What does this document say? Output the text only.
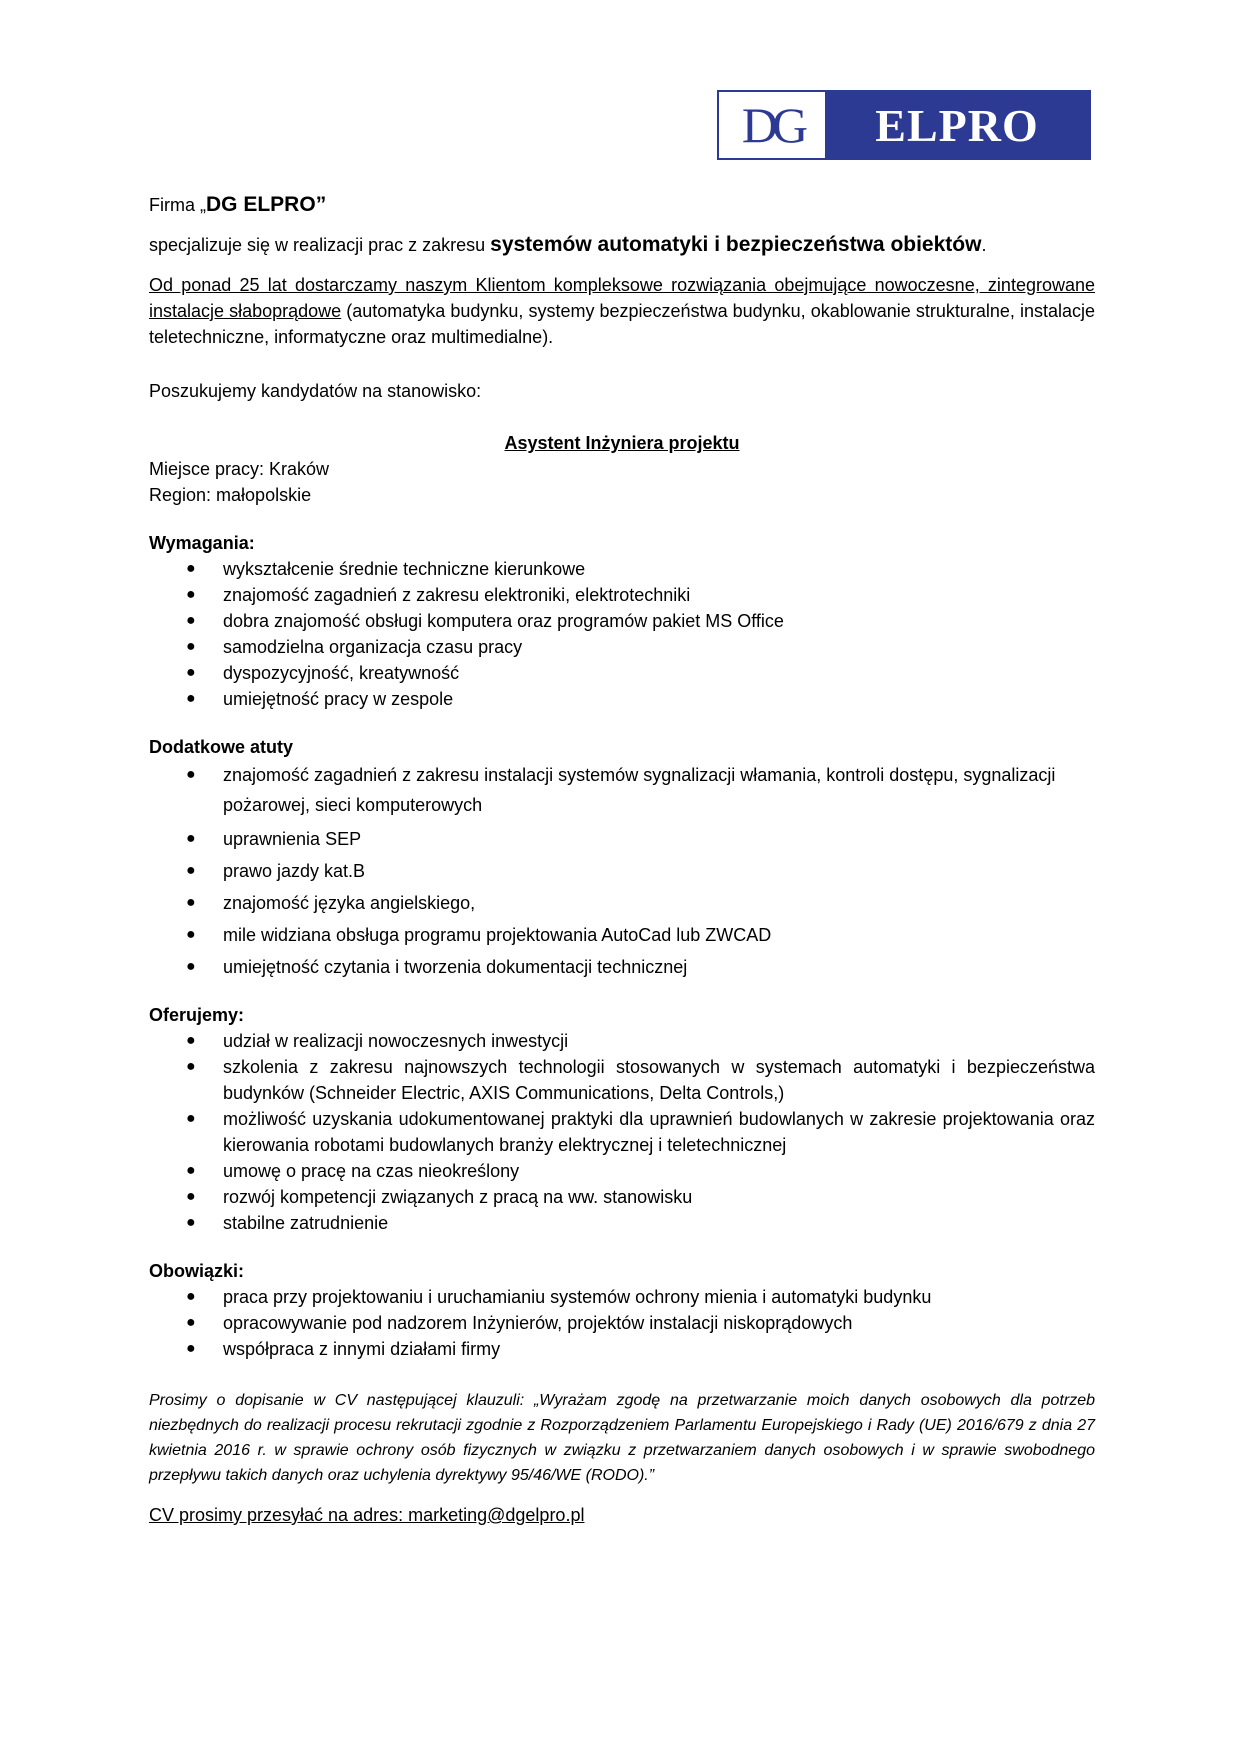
DG	ELPRO

Firma „DG ELPRO”

specjalizuje się w realizacji prac z zakresu systemów automatyki i bezpieczeństwa obiektów.

Od ponad 25 lat dostarczamy naszym Klientom kompleksowe rozwiązania obejmujące nowoczesne, zintegrowane instalacje słaboprądowe (automatyka budynku, systemy bezpieczeństwa budynku, okablowanie strukturalne, instalacje teletechniczne, informatyczne oraz multimedialne).

Poszukujemy kandydatów na stanowisko:

Asystent Inżyniera projektu

Miejsce pracy: Kraków

Region: małopolskie

Wymagania:

● wykształcenie średnie techniczne kierunkowe
● znajomość zagadnień z zakresu elektroniki, elektrotechniki
● dobra znajomość obsługi komputera oraz programów pakiet MS Office
● samodzielna organizacja czasu pracy
● dyspozycyjność, kreatywność
● umiejętność pracy w zespole

Dodatkowe atuty

● znajomość zagadnień z zakresu instalacji systemów sygnalizacji włamania, kontroli dostępu, sygnalizacji pożarowej, sieci komputerowych
● uprawnienia SEP
● prawo jazdy kat.B
● znajomość języka angielskiego,
● mile widziana obsługa programu projektowania AutoCad lub ZWCAD
● umiejętność czytania i tworzenia dokumentacji technicznej

Oferujemy:

● udział w realizacji nowoczesnych inwestycji
● szkolenia z zakresu najnowszych technologii stosowanych w systemach automatyki i bezpieczeństwa budynków (Schneider Electric, AXIS Communications, Delta Controls,)
● możliwość uzyskania udokumentowanej praktyki dla uprawnień budowlanych w zakresie projektowania oraz kierowania robotami budowlanych branży elektrycznej i teletechnicznej
● umowę o pracę na czas nieokreślony
● rozwój kompetencji związanych z pracą na ww. stanowisku
● stabilne zatrudnienie

Obowiązki:

● praca przy projektowaniu i uruchamianiu systemów ochrony mienia i automatyki budynku
● opracowywanie pod nadzorem Inżynierów, projektów instalacji niskoprądowych
● współpraca z innymi działami firmy

Prosimy o dopisanie w CV następującej klauzuli: „Wyrażam zgodę na przetwarzanie moich danych osobowych dla potrzeb niezbędnych do realizacji procesu rekrutacji zgodnie z Rozporządzeniem Parlamentu Europejskiego i Rady (UE) 2016/679 z dnia 27 kwietnia 2016 r. w sprawie ochrony osób fizycznych w związku z przetwarzaniem danych osobowych i w sprawie swobodnego przepływu takich danych oraz uchylenia dyrektywy 95/46/WE (RODO).”

CV prosimy przesyłać na adres: marketing@dgelpro.pl
